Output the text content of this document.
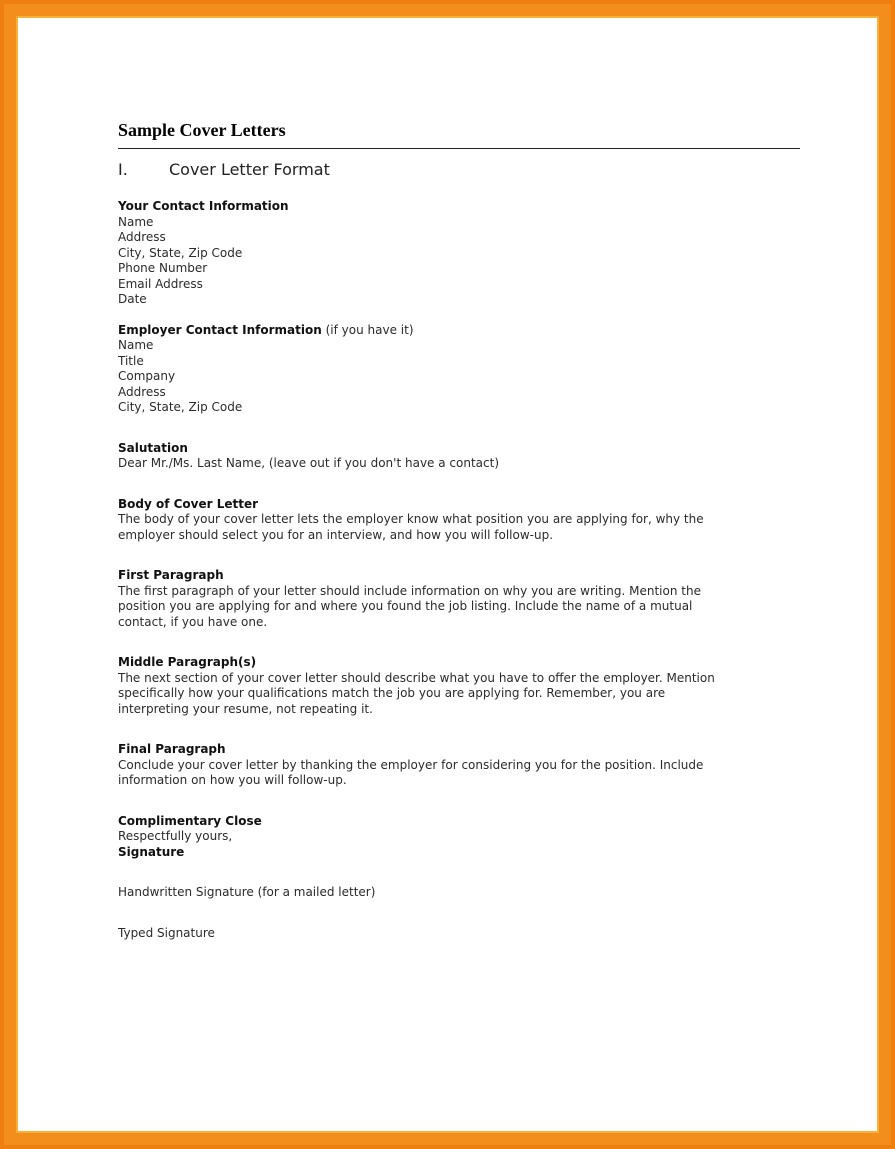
Sample Cover Letters
I.	Cover Letter Format
Your Contact Information
Name
Address
City, State, Zip Code
Phone Number
Email Address
Date
Employer Contact Information (if you have it)
Name
Title
Company
Address
City, State, Zip Code
Salutation
Dear Mr./Ms. Last Name, (leave out if you don't have a contact)
Body of Cover Letter
The body of your cover letter lets the employer know what position you are applying for, why the
employer should select you for an interview, and how you will follow-up.
First Paragraph
The first paragraph of your letter should include information on why you are writing. Mention the
position you are applying for and where you found the job listing. Include the name of a mutual
contact, if you have one.
Middle Paragraph(s)
The next section of your cover letter should describe what you have to offer the employer. Mention
specifically how your qualifications match the job you are applying for. Remember, you are
interpreting your resume, not repeating it.
Final Paragraph
Conclude your cover letter by thanking the employer for considering you for the position. Include
information on how you will follow-up.
Complimentary Close
Respectfully yours,
Signature
Handwritten Signature (for a mailed letter)
Typed Signature
